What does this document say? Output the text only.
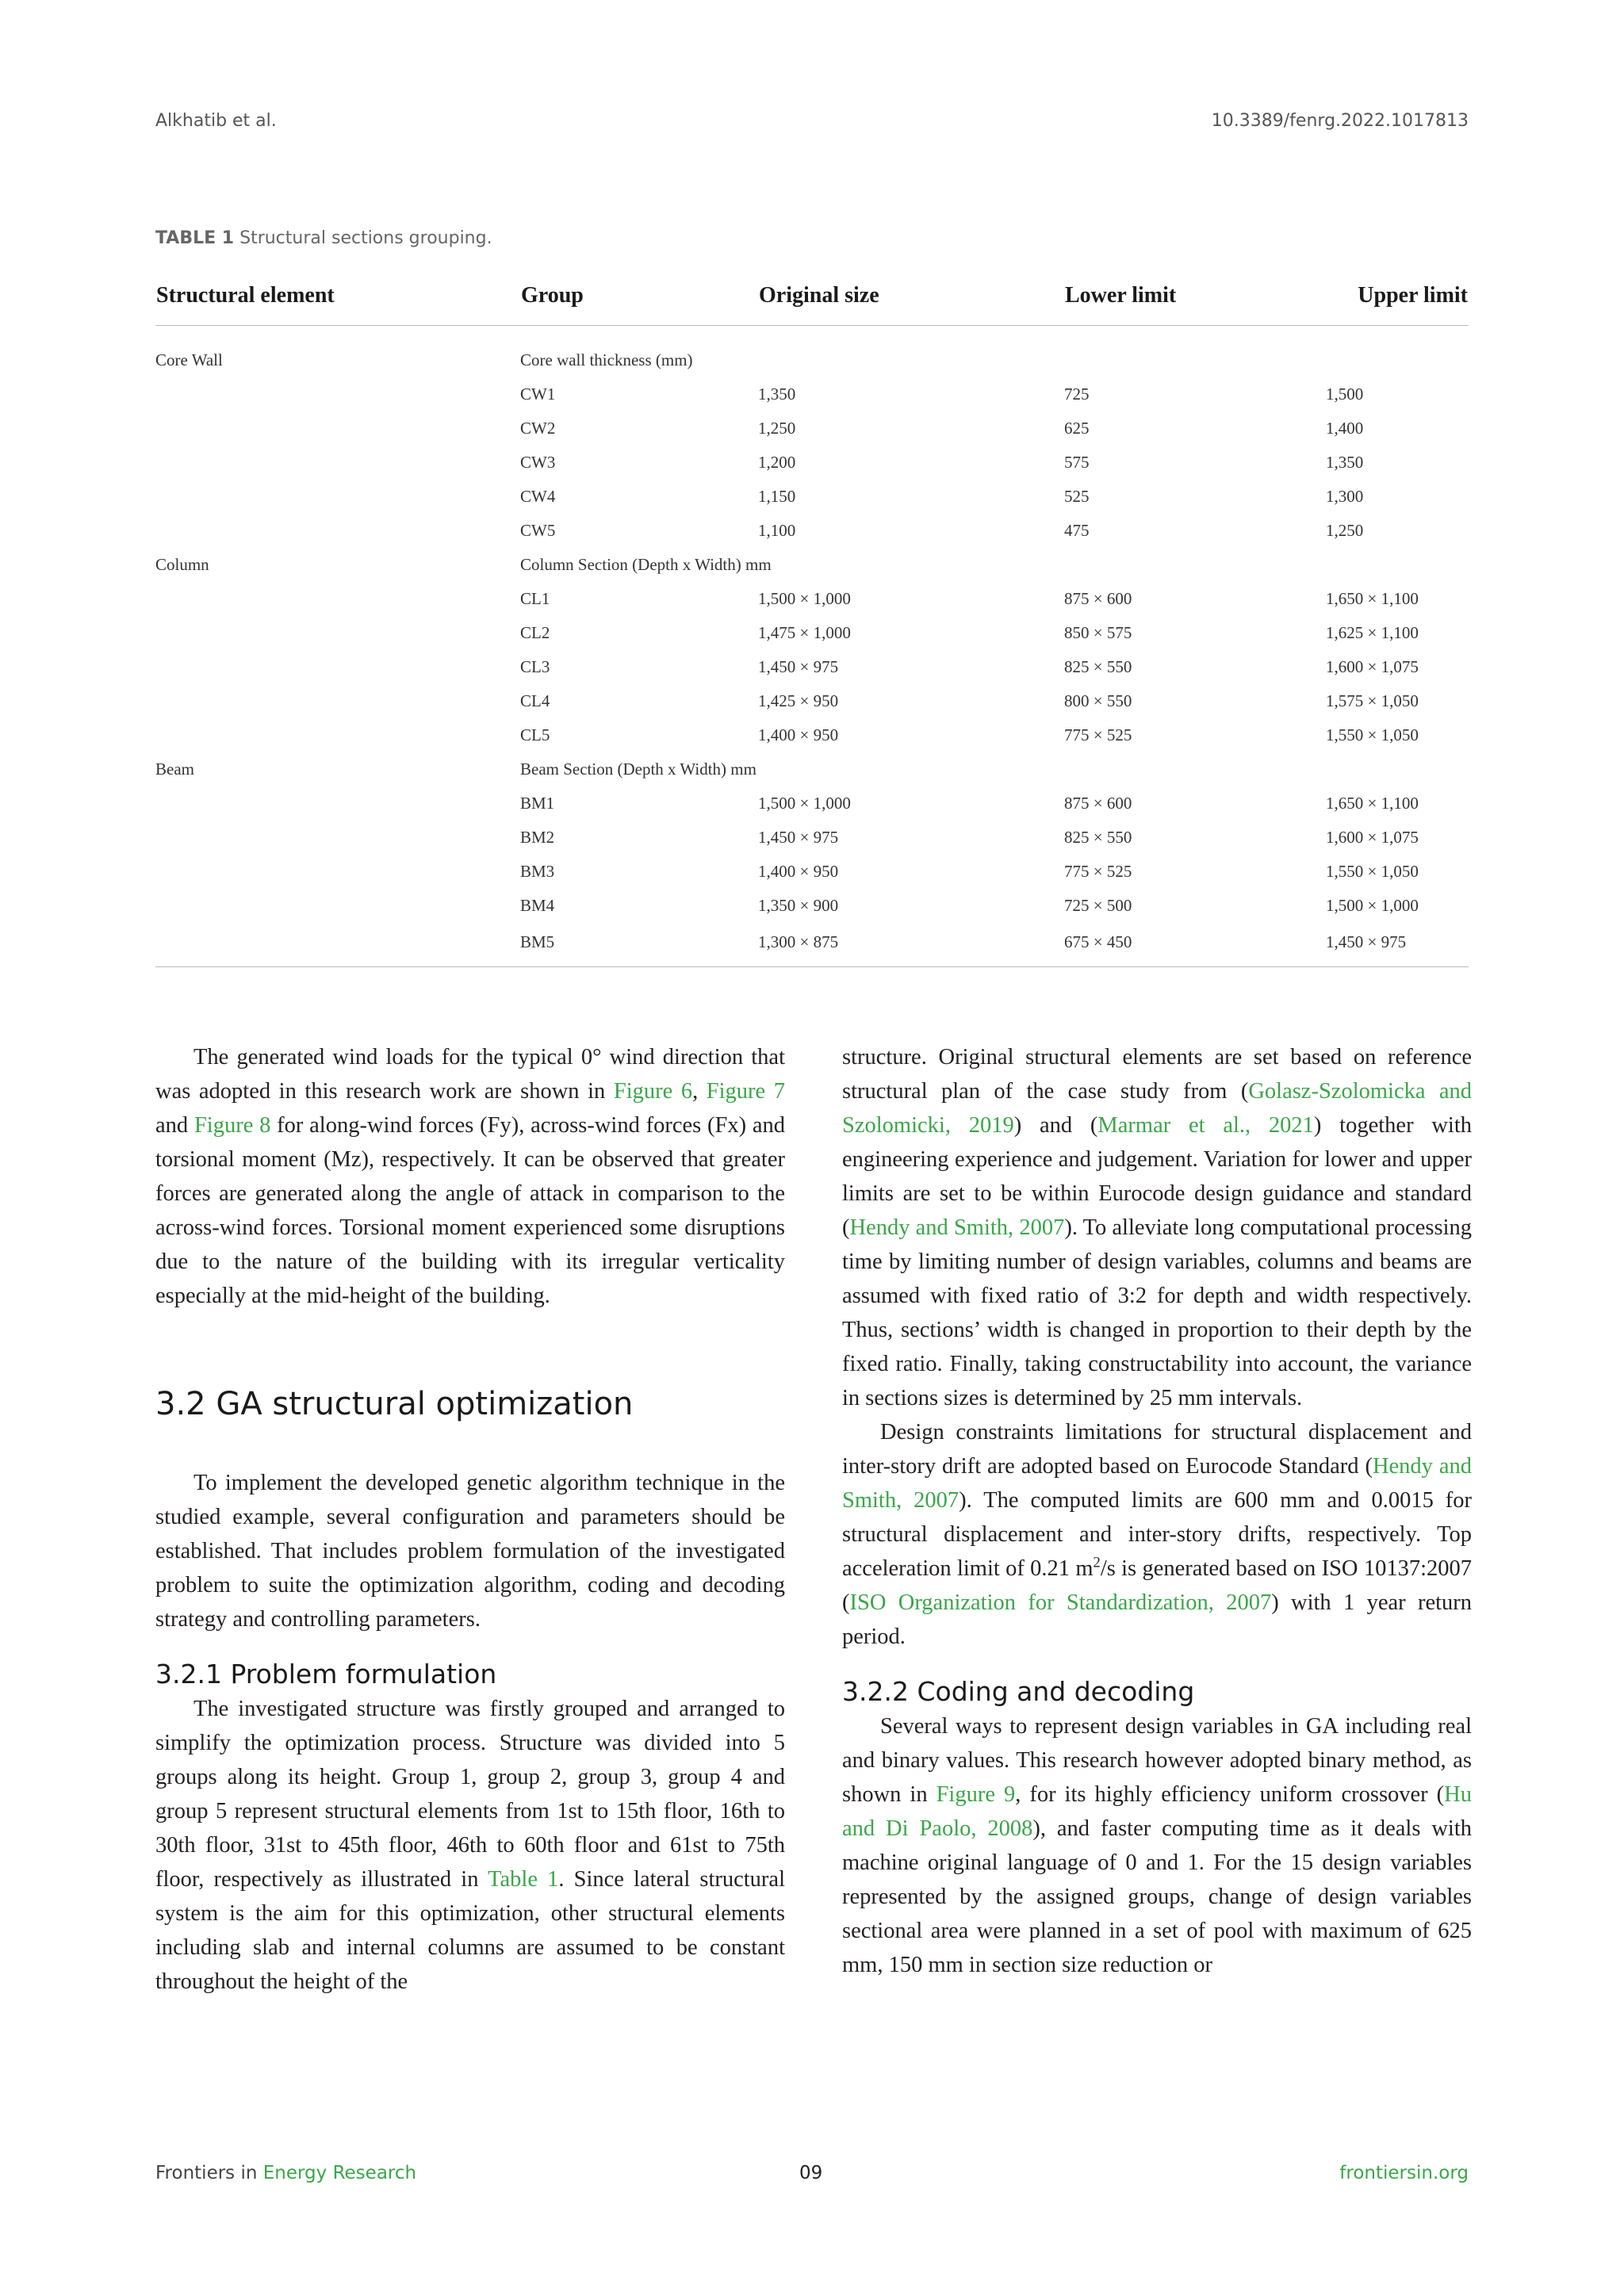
Alkhatib et al.	10.3389/fenrg.2022.1017813
TABLE 1 Structural sections grouping.
Structural element	Group	Original size	Lower limit	Upper limit

Core Wall	Core wall thickness (mm)			
	CW1	1,350	725	1,500
	CW2	1,250	625	1,400
	CW3	1,200	575	1,350
	CW4	1,150	525	1,300
	CW5	1,100	475	1,250
Column	Column Section (Depth x Width) mm			
	CL1	1,500 × 1,000	875 × 600	1,650 × 1,100
	CL2	1,475 × 1,000	850 × 575	1,625 × 1,100
	CL3	1,450 × 975	825 × 550	1,600 × 1,075
	CL4	1,425 × 950	800 × 550	1,575 × 1,050
	CL5	1,400 × 950	775 × 525	1,550 × 1,050
Beam	Beam Section (Depth x Width) mm			
	BM1	1,500 × 1,000	875 × 600	1,650 × 1,100
	BM2	1,450 × 975	825 × 550	1,600 × 1,075
	BM3	1,400 × 950	775 × 525	1,550 × 1,050
	BM4	1,350 × 900	725 × 500	1,500 × 1,000
	BM5	1,300 × 875	675 × 450	1,450 × 975

The generated wind loads for the typical 0° wind direction that was adopted in this research work are shown in Figure 6, Figure 7 and Figure 8 for along-wind forces (Fy), across-wind forces (Fx) and torsional moment (Mz), respectively. It can be observed that greater forces are generated along the angle of attack in comparison to the across-wind forces. Torsional moment experienced some disruptions due to the nature of the building with its irregular verticality especially at the mid-height of the building.

3.2 GA structural optimization

To implement the developed genetic algorithm technique in the studied example, several configuration and parameters should be established. That includes problem formulation of the investigated problem to suite the optimization algorithm, coding and decoding strategy and controlling parameters.

3.2.1 Problem formulation

The investigated structure was firstly grouped and arranged to simplify the optimization process. Structure was divided into 5 groups along its height. Group 1, group 2, group 3, group 4 and group 5 represent structural elements from 1st to 15th floor, 16th to 30th floor, 31st to 45th floor, 46th to 60th floor and 61st to 75th floor, respectively as illustrated in Table 1. Since lateral structural system is the aim for this optimization, other structural elements including slab and internal columns are assumed to be constant throughout the height of the

structure. Original structural elements are set based on reference structural plan of the case study from (Golasz-Szolomicka and Szolomicki, 2019) and (Marmar et al., 2021) together with engineering experience and judgement. Variation for lower and upper limits are set to be within Eurocode design guidance and standard (Hendy and Smith, 2007). To alleviate long computational processing time by limiting number of design variables, columns and beams are assumed with fixed ratio of 3:2 for depth and width respectively. Thus, sections’ width is changed in proportion to their depth by the fixed ratio. Finally, taking constructability into account, the variance in sections sizes is determined by 25 mm intervals.

Design constraints limitations for structural displacement and inter-story drift are adopted based on Eurocode Standard (Hendy and Smith, 2007). The computed limits are 600 mm and 0.0015 for structural displacement and inter-story drifts, respectively. Top acceleration limit of 0.21 $m^2/s$ is generated based on ISO 10137:2007 (ISO Organization for Standardization, 2007) with 1 year return period.

3.2.2 Coding and decoding

Several ways to represent design variables in GA including real and binary values. This research however adopted binary method, as shown in Figure 9, for its highly efficiency uniform crossover (Hu and Di Paolo, 2008), and faster computing time as it deals with machine original language of 0 and 1. For the 15 design variables represented by the assigned groups, change of design variables sectional area were planned in a set of pool with maximum of 625 mm, 150 mm in section size reduction or

Frontiers in Energy Research	09	frontiersin.org
